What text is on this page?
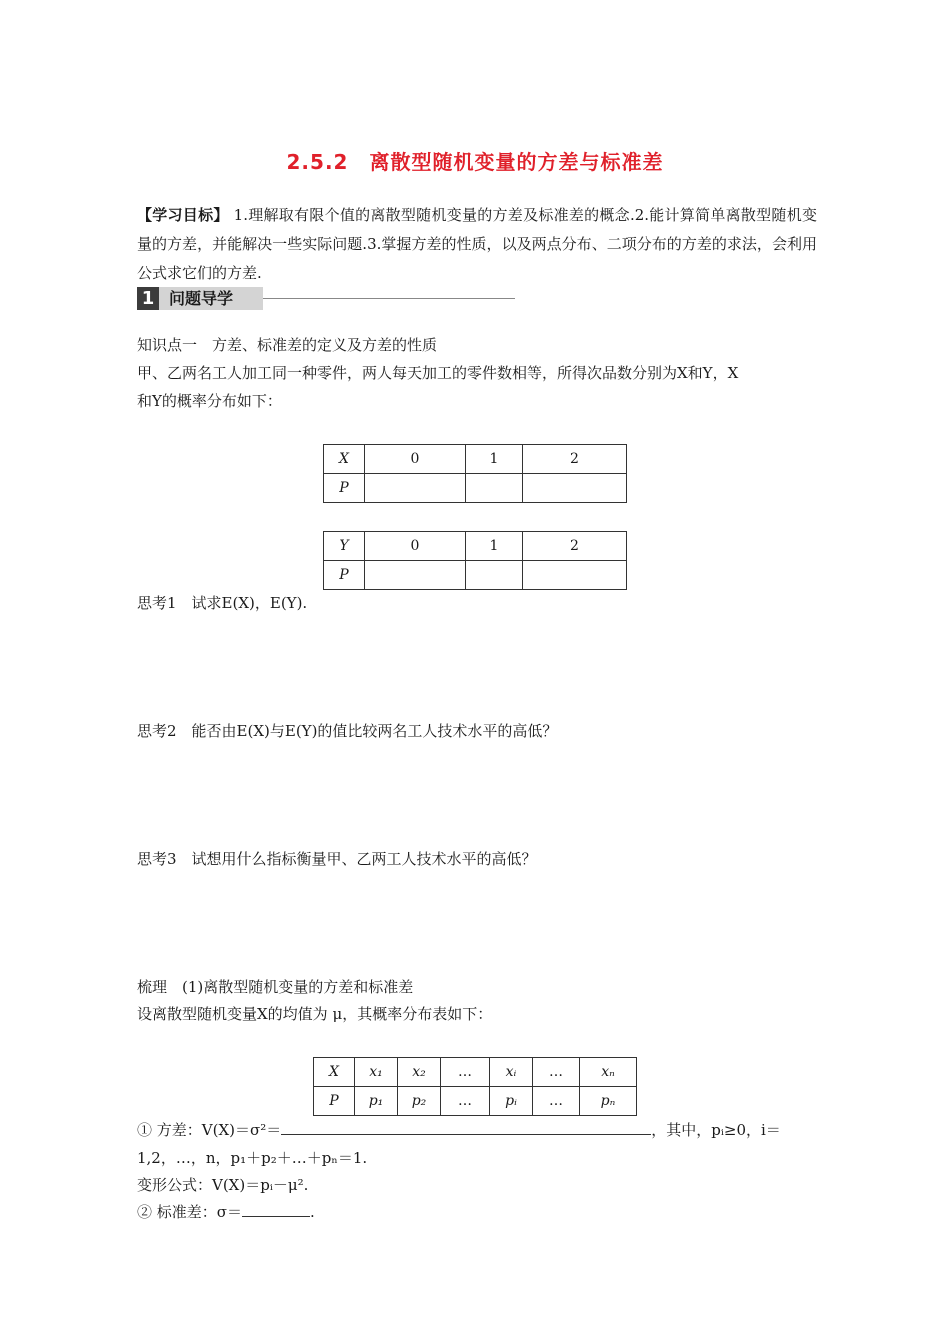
2.5.2　离散型随机变量的方差与标准差
【学习目标】 1.理解取有限个值的离散型随机变量的方差及标准差的概念.2.能计算简单离散型随机变量的方差，并能解决一些实际问题.3.掌握方差的性质，以及两点分布、二项分布的方差的求法，会利用公式求它们的方差.
1 问题导学
知识点一　方差、标准差的定义及方差的性质
甲、乙两名工人加工同一种零件，两人每天加工的零件数相等，所得次品数分别为X和Y，X
和Y的概率分布如下：
X	0	1	2
P			
Y	0	1	2
P			
思考1　试求E(X)，E(Y).
思考2　能否由E(X)与E(Y)的值比较两名工人技术水平的高低？
思考3　试想用什么指标衡量甲、乙两工人技术水平的高低？
梳理　(1)离散型随机变量的方差和标准差
设离散型随机变量X的均值为 μ，其概率分布表如下：
X	x₁	x₂	…	xᵢ	…	xₙ
P	p₁	p₂	…	pᵢ	…	pₙ
① 方差：V(X)＝σ²＝	，其中，pᵢ≥0，i＝
1,2，…，n，p₁＋p₂＋…＋pₙ＝1.
变形公式：V(X)＝pᵢ－μ².
② 标准差：σ＝	.
